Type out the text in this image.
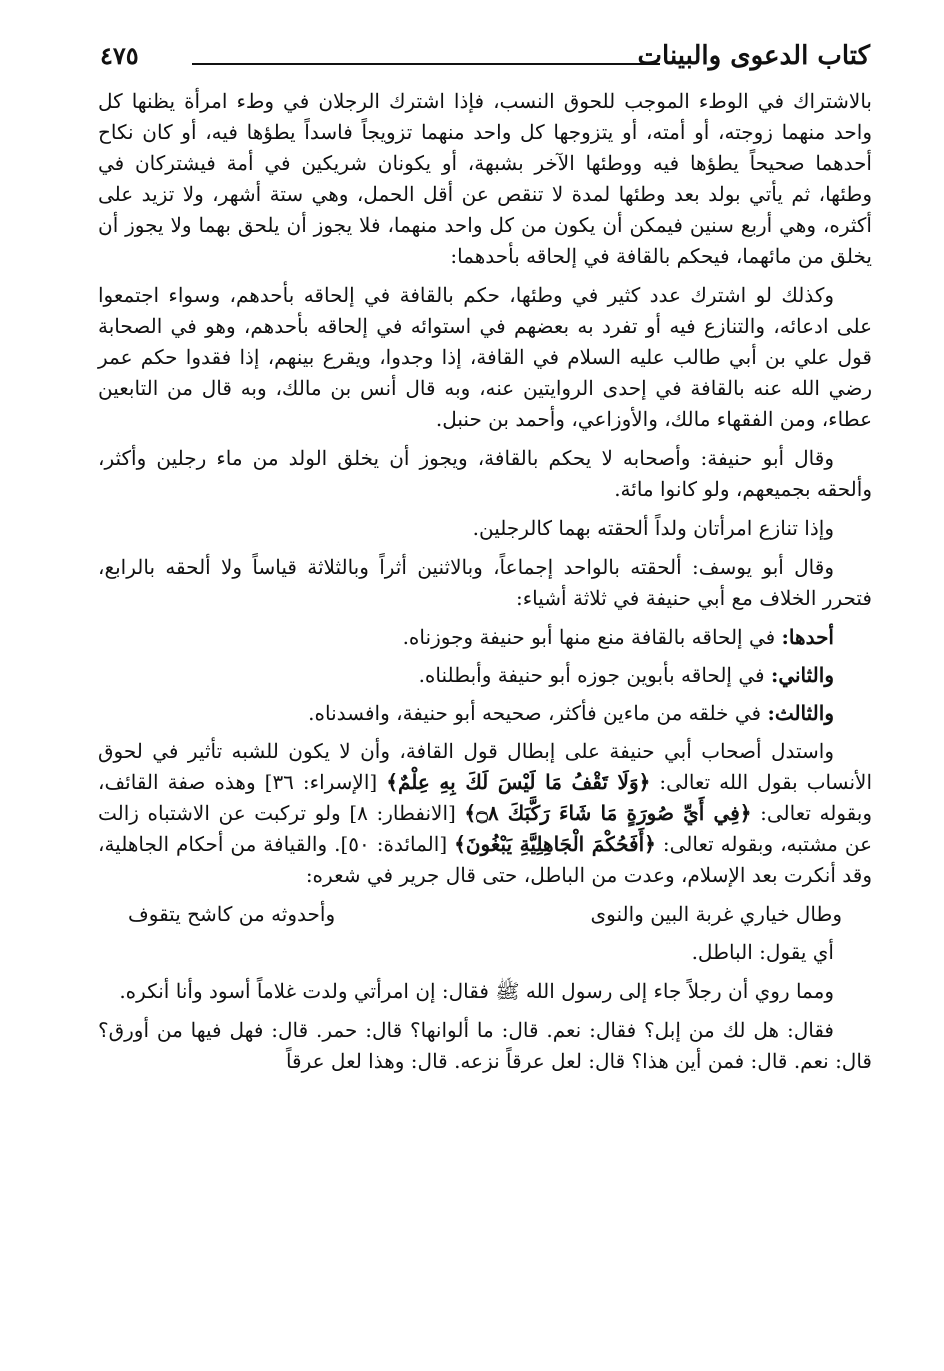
كتاب الدعوى والبينات
٤٧٥

بالاشتراك في الوطء الموجب للحوق النسب، فإذا اشترك الرجلان في وطء امرأة يظنها كل واحد منهما زوجته، أو أمته، أو يتزوجها كل واحد منهما تزويجاً فاسداً يطؤها فيه، أو كان نكاح أحدهما صحيحاً يطؤها فيه ووطئها الآخر بشبهة، أو يكونان شريكين في أمة فيشتركان في وطئها، ثم يأتي بولد بعد وطئها لمدة لا تنقص عن أقل الحمل، وهي ستة أشهر، ولا تزيد على أكثره، وهي أربع سنين فيمكن أن يكون من كل واحد منهما، فلا يجوز أن يلحق بهما ولا يجوز أن يخلق من مائهما، فيحكم بالقافة في إلحاقه بأحدهما:

وكذلك لو اشترك عدد كثير في وطئها، حكم بالقافة في إلحاقه بأحدهم، وسواء اجتمعوا على ادعائه، والتنازع فيه أو تفرد به بعضهم في استوائه في إلحاقه بأحدهم، وهو في الصحابة قول علي بن أبي طالب عليه السلام في القافة، إذا وجدوا، ويقرع بينهم، إذا فقدوا حكم عمر رضي الله عنه بالقافة في إحدى الروايتين عنه، وبه قال أنس بن مالك، وبه قال من التابعين عطاء، ومن الفقهاء مالك، والأوزاعي، وأحمد بن حنبل.

وقال أبو حنيفة: وأصحابه لا يحكم بالقافة، ويجوز أن يخلق الولد من ماء رجلين وأكثر، وألحقه بجميعهم، ولو كانوا مائة.

وإذا تنازع امرأتان ولداً ألحقته بهما كالرجلين.

وقال أبو يوسف: ألحقته بالواحد إجماعاً، وبالاثنين أثراً وبالثلاثة قياساً ولا ألحقه بالرابع، فتحرر الخلاف مع أبي حنيفة في ثلاثة أشياء:

أحدها: في إلحاقه بالقافة منع منها أبو حنيفة وجوزناه.

والثاني: في إلحاقه بأبوين جوزه أبو حنيفة وأبطلناه.

والثالث: في خلقه من ماءين فأكثر، صحيحه أبو حنيفة، وافسدناه.

واستدل أصحاب أبي حنيفة على إبطال قول القافة، وأن لا يكون للشبه تأثير في لحوق الأنساب بقول الله تعالى: ﴿وَلَا تَقْفُ مَا لَيْسَ لَكَ بِهِ عِلْمٌ﴾ [الإسراء: ٣٦] وهذه صفة القائف، وبقوله تعالى: ﴿فِي أَيِّ صُورَةٍ مَا شَاءَ رَكَّبَكَ ۝٨﴾ [الانفطار: ٨] ولو تركبت عن الاشتباه زالت عن مشتبه، وبقوله تعالى: ﴿أَفَحُكْمَ الْجَاهِلِيَّةِ يَبْغُونَ﴾ [المائدة: ٥٠]. والقيافة من أحكام الجاهلية، وقد أنكرت بعد الإسلام، وعدت من الباطل، حتى قال جرير في شعره:

وطال خياري غربة البين والنوى
وأحدوثه من كاشح يتقوف

أي يقول: الباطل.

ومما روي أن رجلاً جاء إلى رسول الله ﷺ فقال: إن امرأتي ولدت غلاماً أسود وأنا أنكره.

فقال: هل لك من إبل؟ فقال: نعم. قال: ما ألوانها؟ قال: حمر. قال: فهل فيها من أورق؟ قال: نعم. قال: فمن أين هذا؟ قال: لعل عرقاً نزعه. قال: وهذا لعل عرقاً
